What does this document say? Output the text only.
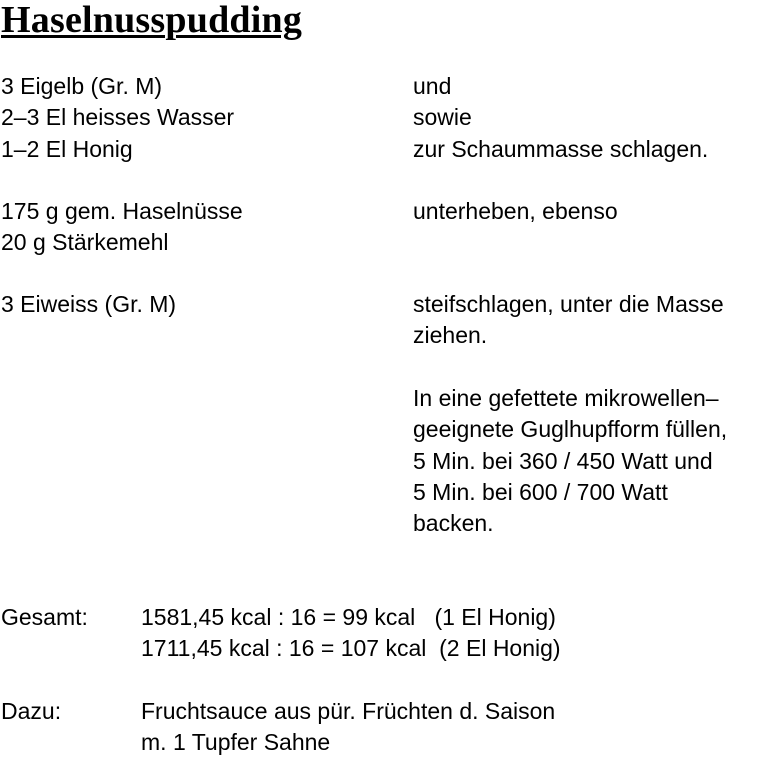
Haselnusspudding
3 Eigelb (Gr. M)	und
2–3 El heisses Wasser	sowie
1–2 El Honig	zur Schaummasse schlagen.
175 g gem. Haselnüsse	unterheben, ebenso
20 g Stärkemehl
3 Eiweiss (Gr. M)	steifschlagen, unter die Masse
ziehen.
In eine gefettete mikrowellen–
geeignete Guglhupfform füllen,
5 Min. bei 360 / 450 Watt und
5 Min. bei 600 / 700 Watt
backen.
Gesamt: 1581,45 kcal : 16 = 99 kcal   (1 El Honig)
1711,45 kcal : 16 = 107 kcal  (2 El Honig)
Dazu:	Fruchtsauce aus pür. Früchten d. Saison
m. 1 Tupfer Sahne
